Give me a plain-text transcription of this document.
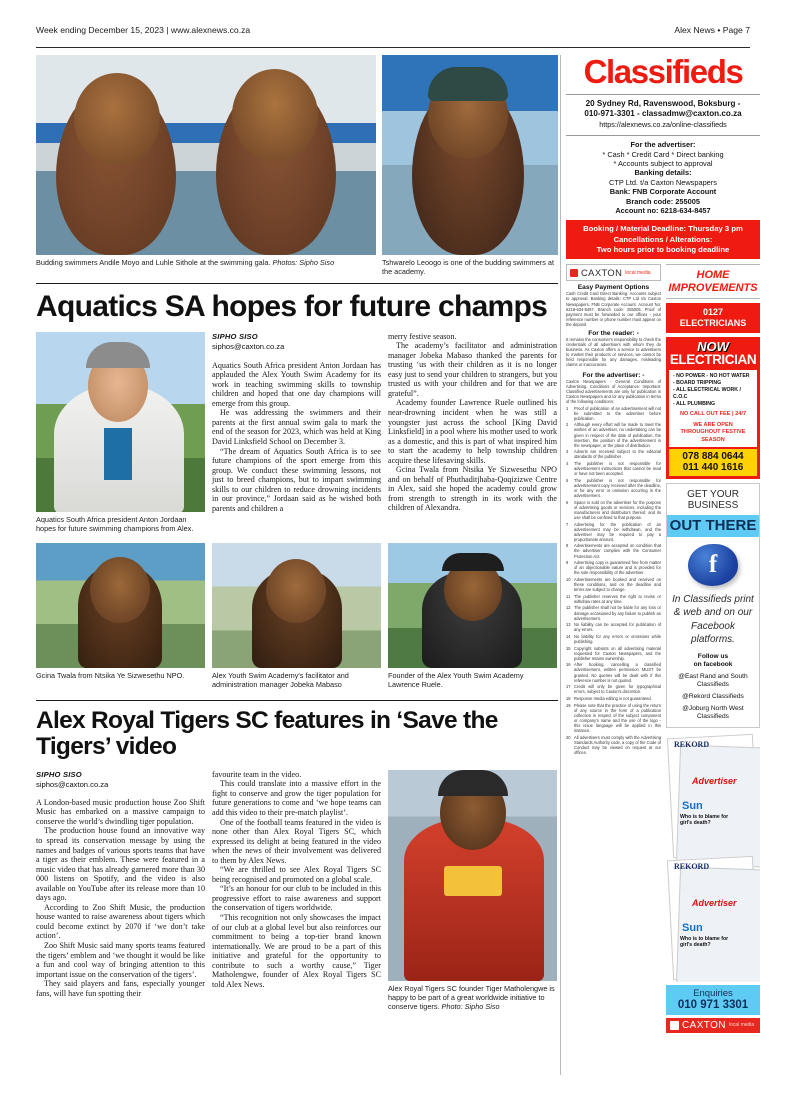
Week ending December 15, 2023 | www.alexnews.co.za	Alex News • Page 7
Budding swimmers Andile Moyo and Luhle Sithole at the swimming gala. Photos: Sipho Siso	Tshwarelo Leoogo is one of the budding swimmers at the academy.
Aquatics SA hopes for future champs
Aquatics South Africa president Anton Jordaan hopes for future swimming champions from Alex.
SIPHO SISO
siphos@caxton.co.za

Aquatics South Africa president Anton Jordaan has applauded the Alex Youth Swim Academy for its work in teaching swimming skills to township children and hoped that one day champions will emerge from this group.

He was addressing the swimmers and their parents at the first annual swim gala to mark the end of the season for 2023, which was held at King David Linksfield School on December 3.

“The dream of Aquatics South Africa is to see future champions of the sport emerge from this group. We conduct these swimming lessons, not just to breed champions, but to impart swimming skills to our children to reduce drowning incidents in our province,” Jordaan said as he wished both parents and children a

merry festive season.

The academy’s facilitator and administration manager Jobeka Mabaso thanked the parents for trusting ‘us with their children as it is no longer easy just to send your children to strangers, but you trusted us with your children and for that we are grateful”.

Academy founder Lawrence Ruele outlined his near-drowning incident when he was still a youngster just across the school [King David Linksfield] in a pool where his mother used to work as a domestic, and this is part of what inspired him to start the academy to help township children acquire these lifesaving skills.

Gcina Twala from Ntsika Ye Sizwesethu NPO and on behalf of Phuthaditjhaba-Qoqizizwe Centre in Alex, said she hoped the academy could grow from strength to strength in its work with the children of Alexandra.

Gcina Twala from Ntsika Ye Sizwesethu NPO.	Alex Youth Swim Academy's facilitator and administration manager Jobeka Mabaso
Founder of the Alex Youth Swim Academy Lawrence Ruele.
Alex Royal Tigers SC features in ‘Save the Tigers’ video
SIPHO SISO
siphos@caxton.co.za

A London-based music production house Zoo Shift Music has embarked on a massive campaign to conserve the world’s dwindling tiger population.

The production house found an innovative way to spread its conservation message by using the names and badges of various sports teams that have a tiger as their emblem. These were featured in a music video that has already garnered more than 30 000 listens on Spotify, and the video is also available on YouTube after its release more than 10 days ago.

According to Zoo Shift Music, the production house wanted to raise awareness about tigers which could become extinct by 2070 if ‘we don’t take action’.

Zoo Shift Music said many sports teams featured the tigers’ emblem and ‘we thought it would be like a fun and cool way of bringing attention to this important issue on the conservation of the tigers’.

They said players and fans, especially younger fans, will have fun spotting their

favourite team in the video.

This could translate into a massive effort in the fight to conserve and grow the tiger population for future generations to come and ‘we hope teams can add this video to their pre-match playlist’.

One of the football teams featured in the video is none other than Alex Royal Tigers SC, which expressed its delight at being featured in the video when the news of their involvement was delivered to them by Alex News.

“We are thrilled to see Alex Royal Tigers SC being recognised and promoted on a global scale.

“It’s an honour for our club to be included in this progressive effort to raise awareness and support the conservation of tigers worldwide.

“This recognition not only showcases the impact of our club at a global level but also reinforces our commitment to being a top-tier brand known internationally. We are proud to be a part of this initiative and grateful for the opportunity to contribute to such a worthy cause,” Tiger Matholengwe, founder of Alex Royal Tigers SC told Alex News.	Alex Royal Tigers SC founder Tiger Matholengwe is happy to be part of a great worldwide initiative to conserve tigers. Photo: Sipho Siso
Classifieds
20 Sydney Rd, Ravenswood, Boksburg -
010-971-3301 - classadmw@caxton.co.za
https://alexnews.co.za/online-classifieds
For the advertiser:
* Cash * Credit Card * Direct banking
* Accounts subject to approval
Banking details:
CTP Ltd. t/a Caxton Newspapers
Bank: FNB Corporate Account
Branch code: 255005
Account no: 6218-634-8457
Booking / Material Deadline: Thursday 3 pm
Cancellations / Alterations:
Two hours prior to booking deadline
CAXTON local media
Easy Payment Options
Cash Credit Card Direct Banking. Accounts subject to approval. Banking details: CTP Ltd t/a Caxton Newspapers. FNB Corporate Account. Account No: 6218-634-8457. Branch code: 255005. Proof of payment must be forwarded to our offices - your reference number or phone number must appear on the deposit.
For the reader: -
It remains the consumer's responsibility to check the credentials of all advertisers with whom they do business. As Caxton offers a service to advertisers to market their products or services, we cannot be held responsible for any damages, misleading claims or inaccuracies.
For the advertiser: -
Caxton Newspapers - General Conditions of Advertising. Conditions of Acceptance: Important: Classified advertisements are only for publication in Caxton Newspapers and /or any publication in terms of the following conditions:
1	Proof of publication of an advertisement will not be submitted to the advertiser before publication.
2	Although every effort will be made to meet the wishes of an advertiser, no undertaking can be given in respect of the date of publication, the insertion, the position of the advertisement in the newspaper, or the place of distribution.
3	Adverts are received subject to the editorial standards of the publisher.
4	The publisher is not responsible for advertisement instructions that cannot be read or have not been accepted.
5	The publisher is not responsible for advertisement copy received after the deadline, or for any error or omission occurring in the advertisement.
6	Space is sold on the advertiser for the purpose of advertising goods or services, including the manufacturers and distributors thereof, and its use shall be confined to that purpose.
7	Advertising for the publication of an advertisement may be withdrawn, and the advertiser may be required to pay a proportionate amount.
8	Advertisements are accepted on condition that the advertiser complies with the Consumer Protection Act.
9	Advertising copy is guaranteed free from matter of an objectionable nature and is provided for the sole responsibility of the advertiser.
10 Advertisements are booked and received on these conditions, and on the deadline and terms are subject to change.
11 The publisher reserves the right to revise or withdraw rates at any time.
12 The publisher shall not be liable for any loss or damage occasioned by any failure to publish an advertisement.
13 No liability can be accepted for publication of any errors.
14 No liability for any errors or omissions while publishing.
15 Copyright subsists on all advertising material requested for Caxton Newspapers, and the publisher retains ownership.
16 After booking, cancelling a classified advertisement, written permission MUST be granted. No queries will be dealt with if this reference number is not quoted.
17 Credit will only be given for typographical errors, subject to Caxton's discretion.
18 Response media editing is not guaranteed.
19 Please note that the practice of using the return of any source in the form of a publication collection in respect of the subject component or company's name and the use of the logo - this issue language will be applied in this instance.
20 All advertisers must comply with the Advertising Standards Authority code, a copy of the Code of Conduct may be viewed on request at our offices.
HOME IMPROVEMENTS
0127
ELECTRICIANS
NOW
ELECTRICIAN
- NO POWER - NO HOT WATER
- BOARD TRIPPING
- ALL ELECTRICAL WORK / C.O.C
- ALL PLUMBING
NO CALL OUT FEE | 24/7
WE ARE OPEN THROUGHOUT FESTIVE SEASON
078 884 0644
011 440 1616
GET YOUR BUSINESS
OUT THERE
f
In Classifieds print & web and on our Facebook platforms.
Follow us
on facebook
@East Rand and South Classifieds
@Rekord Classifieds
@Joburg North West Classifieds
REKORD
Advertiser
Sun
Who is to blame for girl's death?
REKORD
Advertiser
Sun
Who is to blame for girl's death?
Enquiries
010 971 3301
CAXTON local media
